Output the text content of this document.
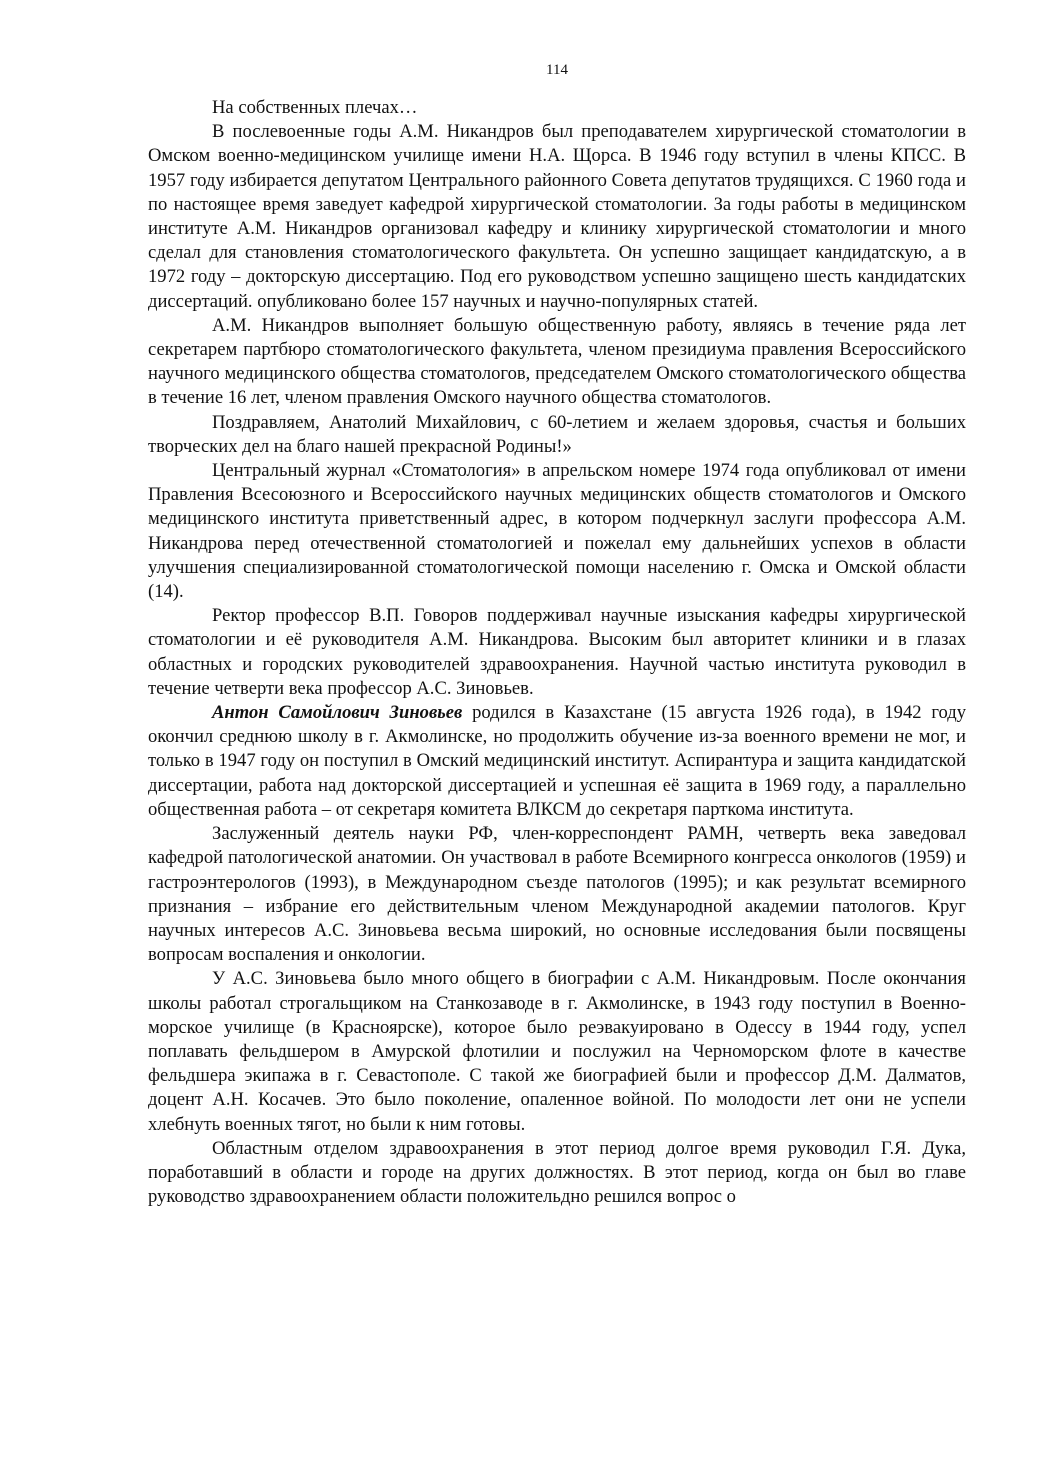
114

На собственных плечах…

В послевоенные годы А.М. Никандров был преподавателем хирургической стоматологии в Омском военно-медицинском училище имени Н.А. Щорса. В 1946 году вступил в члены КПСС. В 1957 году избирается депутатом Центрального районного Совета депутатов трудящихся. С 1960 года и по настоящее время заведует кафедрой хирургической стоматологии. За годы работы в медицинском институте А.М. Никандров организовал кафедру и клинику хирургической стоматологии и много сделал для становления стоматологического факультета. Он успешно защищает кандидатскую, а в 1972 году – докторскую диссертацию. Под его руководством успешно защищено шесть кандидатских диссертаций. опубликовано более 157 научных и научно-популярных статей.

А.М. Никандров выполняет большую общественную работу, являясь в течение ряда лет секретарем партбюро стоматологического факультета, членом президиума правления Всероссийского научного медицинского общества стоматологов, председателем Омского стоматологического общества в течение 16 лет, членом правления Омского научного общества стоматологов.

Поздравляем, Анатолий Михайлович, с 60-летием и желаем здоровья, счастья и больших творческих дел на благо нашей прекрасной Родины!»

Центральный журнал «Стоматология» в апрельском номере 1974 года опубликовал от имени Правления Всесоюзного и Всероссийского научных медицинских обществ стоматологов и Омского медицинского института приветственный адрес, в котором подчеркнул заслуги профессора А.М. Никандрова перед отечественной стоматологией и пожелал ему дальнейших успехов в области улучшения специализированной стоматологической помощи населению г. Омска и Омской области (14).

Ректор профессор В.П. Говоров поддерживал научные изыскания кафедры хирургической стоматологии и её руководителя А.М. Никандрова. Высоким был авторитет клиники и в глазах областных и городских руководителей здравоохранения. Научной частью института руководил в течение четверти века профессор А.С. Зиновьев.

Антон Самойлович Зиновьев родился в Казахстане (15 августа 1926 года), в 1942 году окончил среднюю школу в г. Акмолинске, но продолжить обучение из-за военного времени не мог, и только в 1947 году он поступил в Омский медицинский институт. Аспирантура и защита кандидатской диссертации, работа над докторской диссертацией и успешная её защита в 1969 году, а параллельно общественная работа – от секретаря комитета ВЛКСМ до секретаря парткома института.

Заслуженный деятель науки РФ, член-корреспондент РАМН, четверть века заведовал кафедрой патологической анатомии. Он участвовал в работе Всемирного конгресса онкологов (1959) и гастроэнтерологов (1993), в Международном съезде патологов (1995); и как результат всемирного признания – избрание его действительным членом Международной академии патологов. Круг научных интересов А.С. Зиновьева весьма широкий, но основные исследования были посвящены вопросам воспаления и онкологии.

У А.С. Зиновьева было много общего в биографии с А.М. Никандровым. После окончания школы работал строгальщиком на Станкозаводе в г. Акмолинске, в 1943 году поступил в Военно-морское училище (в Красноярске), которое было реэвакуировано в Одессу в 1944 году, успел поплавать фельдшером в Амурской флотилии и послужил на Черноморском флоте в качестве фельдшера экипажа в г. Севастополе. С такой же биографией были и профессор Д.М. Далматов, доцент А.Н. Косачев. Это было поколение, опаленное войной. По молодости лет они не успели хлебнуть военных тягот, но были к ним готовы.

Областным отделом здравоохранения в этот период долгое время руководил Г.Я. Дука, поработавший в области и городе на других должностях. В этот период, когда он был во главе руководство здравоохранением области положительдно решился вопрос о
